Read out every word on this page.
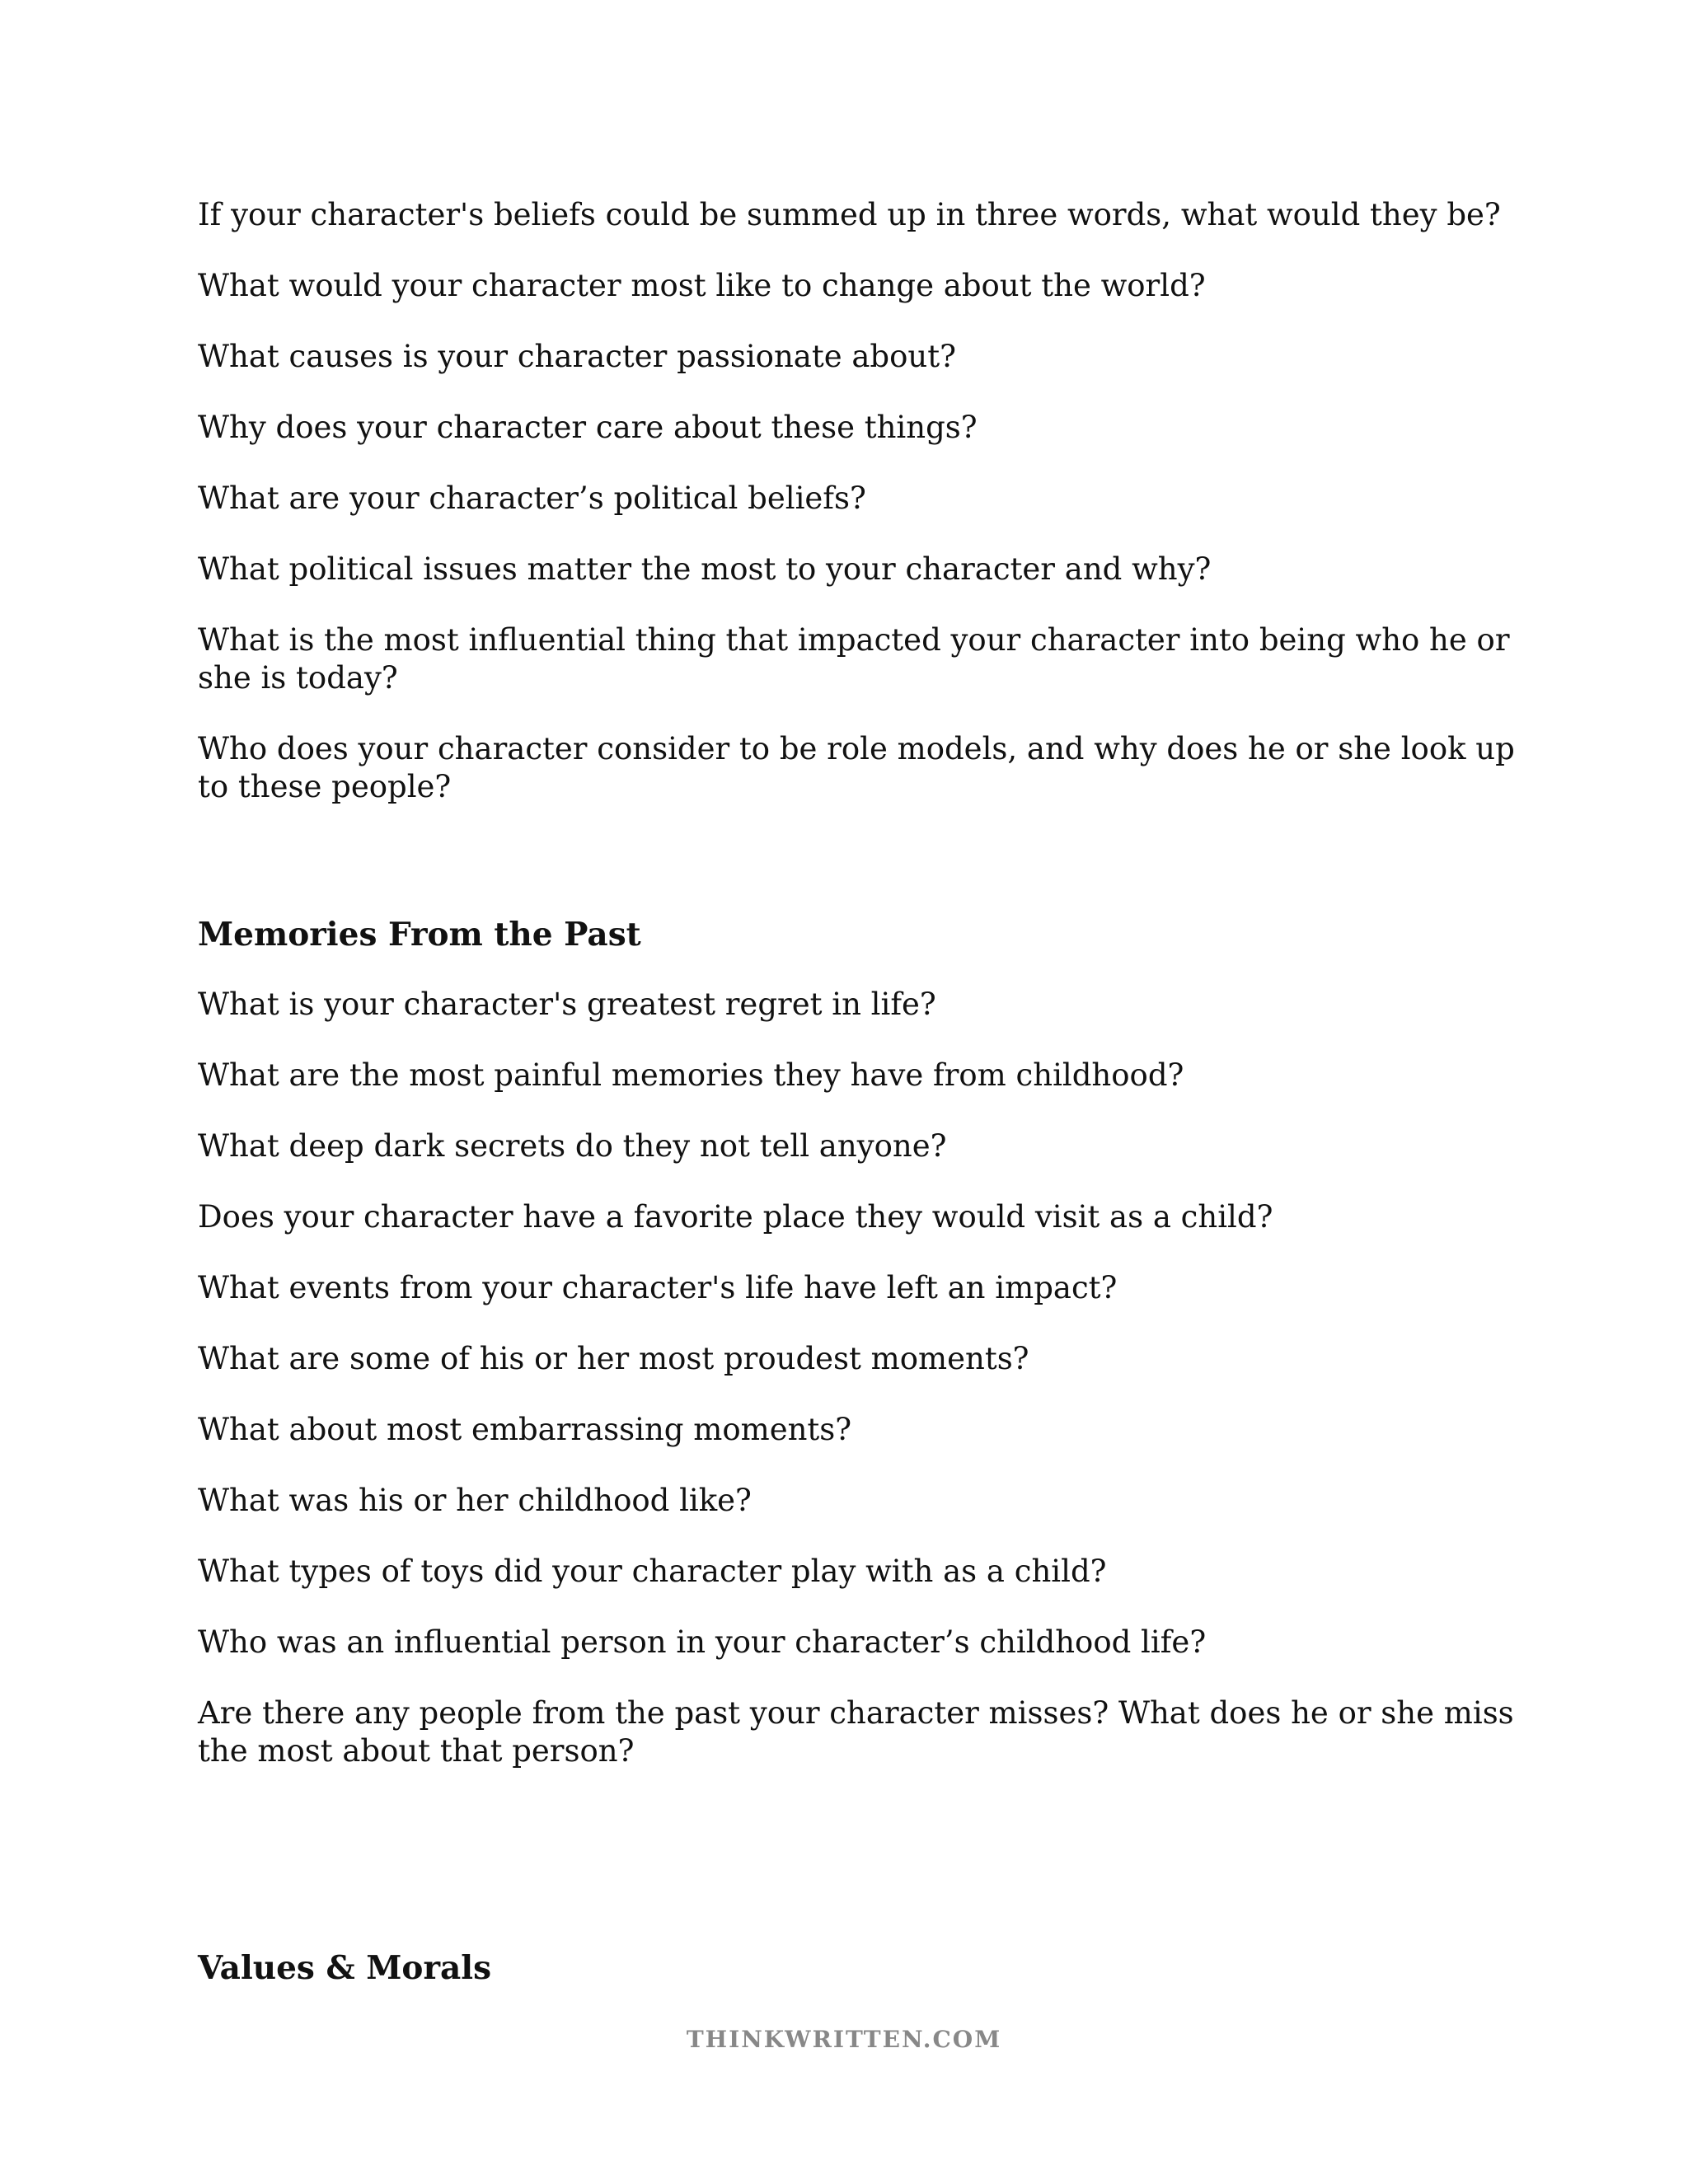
If your character's beliefs could be summed up in three words, what would they be?

What would your character most like to change about the world?

What causes is your character passionate about?

Why does your character care about these things?

What are your character’s political beliefs?

What political issues matter the most to your character and why?

What is the most influential thing that impacted your character into being who he or she is today?

Who does your character consider to be role models, and why does he or she look up to these people?

Memories From the Past

What is your character's greatest regret in life?

What are the most painful memories they have from childhood?

What deep dark secrets do they not tell anyone?

Does your character have a favorite place they would visit as a child?

What events from your character's life have left an impact?

What are some of his or her most proudest moments?

What about most embarrassing moments?

What was his or her childhood like?

What types of toys did your character play with as a child?

Who was an influential person in your character’s childhood life?

Are there any people from the past your character misses? What does he or she miss the most about that person?

Values & Morals
THINKWRITTEN.COM
